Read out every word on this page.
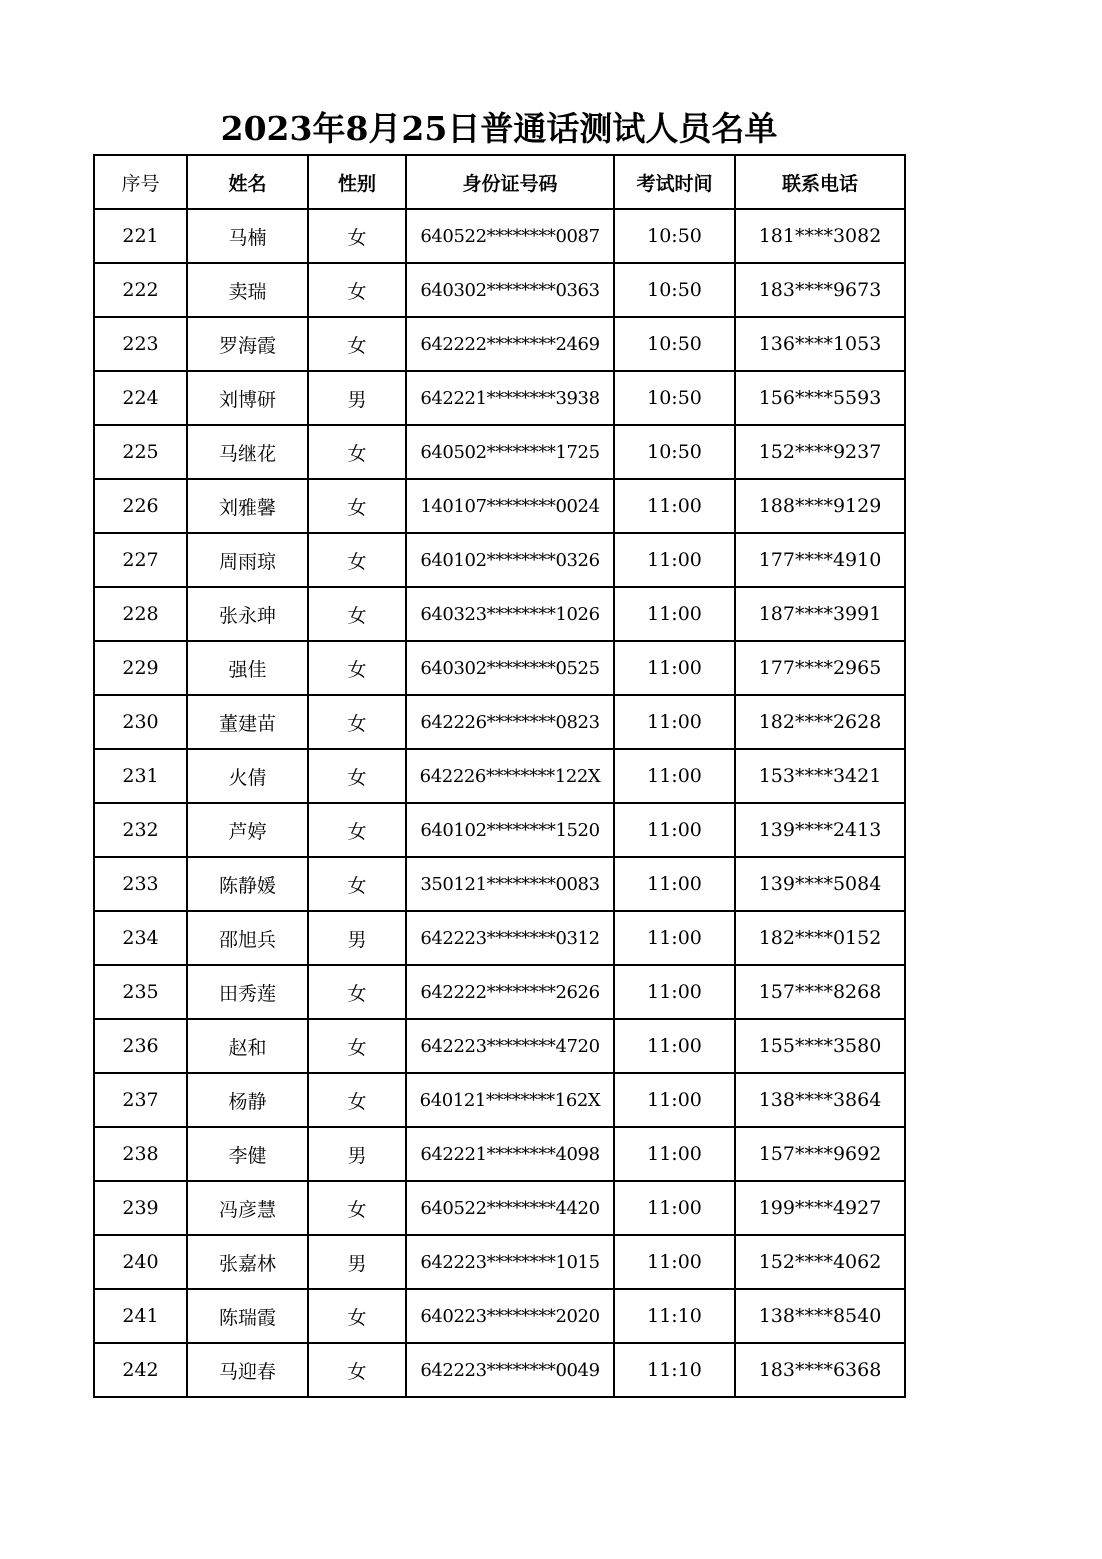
2023年8月25日普通话测试人员名单
序号	姓名	性别	身份证号码	考试时间	联系电话
221	马楠	女	640522********0087	10:50	181****3082
222	卖瑞	女	640302********0363	10:50	183****9673
223	罗海霞	女	642222********2469	10:50	136****1053
224	刘博研	男	642221********3938	10:50	156****5593
225	马继花	女	640502********1725	10:50	152****9237
226	刘雅馨	女	140107********0024	11:00	188****9129
227	周雨琼	女	640102********0326	11:00	177****4910
228	张永珅	女	640323********1026	11:00	187****3991
229	强佳	女	640302********0525	11:00	177****2965
230	董建苗	女	642226********0823	11:00	182****2628
231	火倩	女	642226********122X	11:00	153****3421
232	芦婷	女	640102********1520	11:00	139****2413
233	陈静媛	女	350121********0083	11:00	139****5084
234	邵旭兵	男	642223********0312	11:00	182****0152
235	田秀莲	女	642222********2626	11:00	157****8268
236	赵和	女	642223********4720	11:00	155****3580
237	杨静	女	640121********162X	11:00	138****3864
238	李健	男	642221********4098	11:00	157****9692
239	冯彦慧	女	640522********4420	11:00	199****4927
240	张嘉林	男	642223********1015	11:00	152****4062
241	陈瑞霞	女	640223********2020	11:10	138****8540
242	马迎春	女	642223********0049	11:10	183****6368
